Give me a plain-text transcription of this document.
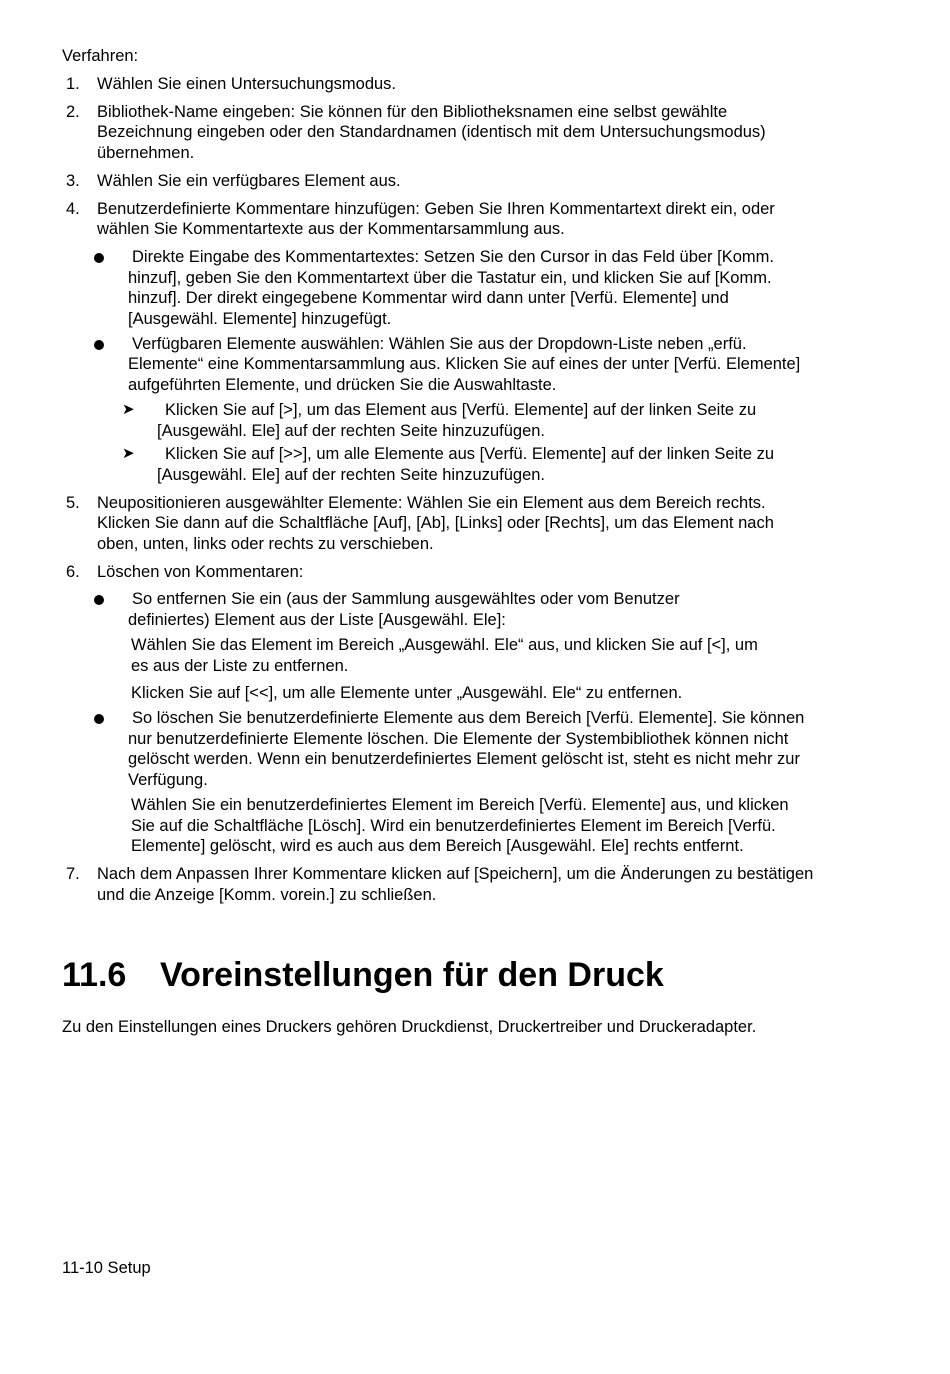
Verfahren:

1. Wählen Sie einen Untersuchungsmodus.
2. Bibliothek-Name eingeben: Sie können für den Bibliotheksnamen eine selbst gewählte Bezeichnung eingeben oder den Standardnamen (identisch mit dem Untersuchungsmodus) übernehmen.
3. Wählen Sie ein verfügbares Element aus.
4. Benutzerdefinierte Kommentare hinzufügen: Geben Sie Ihren Kommentartext direkt ein, oder wählen Sie Kommentartexte aus der Kommentarsammlung aus.
Direkte Eingabe des Kommentartextes: Setzen Sie den Cursor in das Feld über [Komm. hinzuf], geben Sie den Kommentartext über die Tastatur ein, und klicken Sie auf [Komm. hinzuf]. Der direkt eingegebene Kommentar wird dann unter [Verfü. Elemente] und [Ausgewähl. Elemente] hinzugefügt.
Verfügbaren Elemente auswählen: Wählen Sie aus der Dropdown-Liste neben „erfü. Elemente“ eine Kommentarsammlung aus. Klicken Sie auf eines der unter [Verfü. Elemente] aufgeführten Elemente, und drücken Sie die Auswahltaste.
➤	Klicken Sie auf [>], um das Element aus [Verfü. Elemente] auf der linken Seite zu [Ausgewähl. Ele] auf der rechten Seite hinzuzufügen.
➤	Klicken Sie auf [>>], um alle Elemente aus [Verfü. Elemente] auf der linken Seite zu [Ausgewähl. Ele] auf der rechten Seite hinzuzufügen.
5. Neupositionieren ausgewählter Elemente: Wählen Sie ein Element aus dem Bereich rechts. Klicken Sie dann auf die Schaltfläche [Auf], [Ab], [Links] oder [Rechts], um das Element nach oben, unten, links oder rechts zu verschieben.
6. Löschen von Kommentaren:
So entfernen Sie ein (aus der Sammlung ausgewähltes oder vom Benutzer definiertes) Element aus der Liste [Ausgewähl. Ele]:

Wählen Sie das Element im Bereich „Ausgewähl. Ele“ aus, und klicken Sie auf [<], um es aus der Liste zu entfernen.

Klicken Sie auf [<<], um alle Elemente unter „Ausgewähl. Ele“ zu entfernen.

So löschen Sie benutzerdefinierte Elemente aus dem Bereich [Verfü. Elemente]. Sie können nur benutzerdefinierte Elemente löschen. Die Elemente der Systembibliothek können nicht gelöscht werden. Wenn ein benutzerdefiniertes Element gelöscht ist, steht es nicht mehr zur Verfügung.

Wählen Sie ein benutzerdefiniertes Element im Bereich [Verfü. Elemente] aus, und klicken Sie auf die Schaltfläche [Lösch]. Wird ein benutzerdefiniertes Element im Bereich [Verfü. Elemente] gelöscht, wird es auch aus dem Bereich [Ausgewähl. Ele] rechts entfernt.

7. Nach dem Anpassen Ihrer Kommentare klicken auf [Speichern], um die Änderungen zu bestätigen und die Anzeige [Komm. vorein.] zu schließen.
11.6 Voreinstellungen für den Druck

Zu den Einstellungen eines Druckers gehören Druckdienst, Druckertreiber und Druckeradapter.

11-10 Setup
